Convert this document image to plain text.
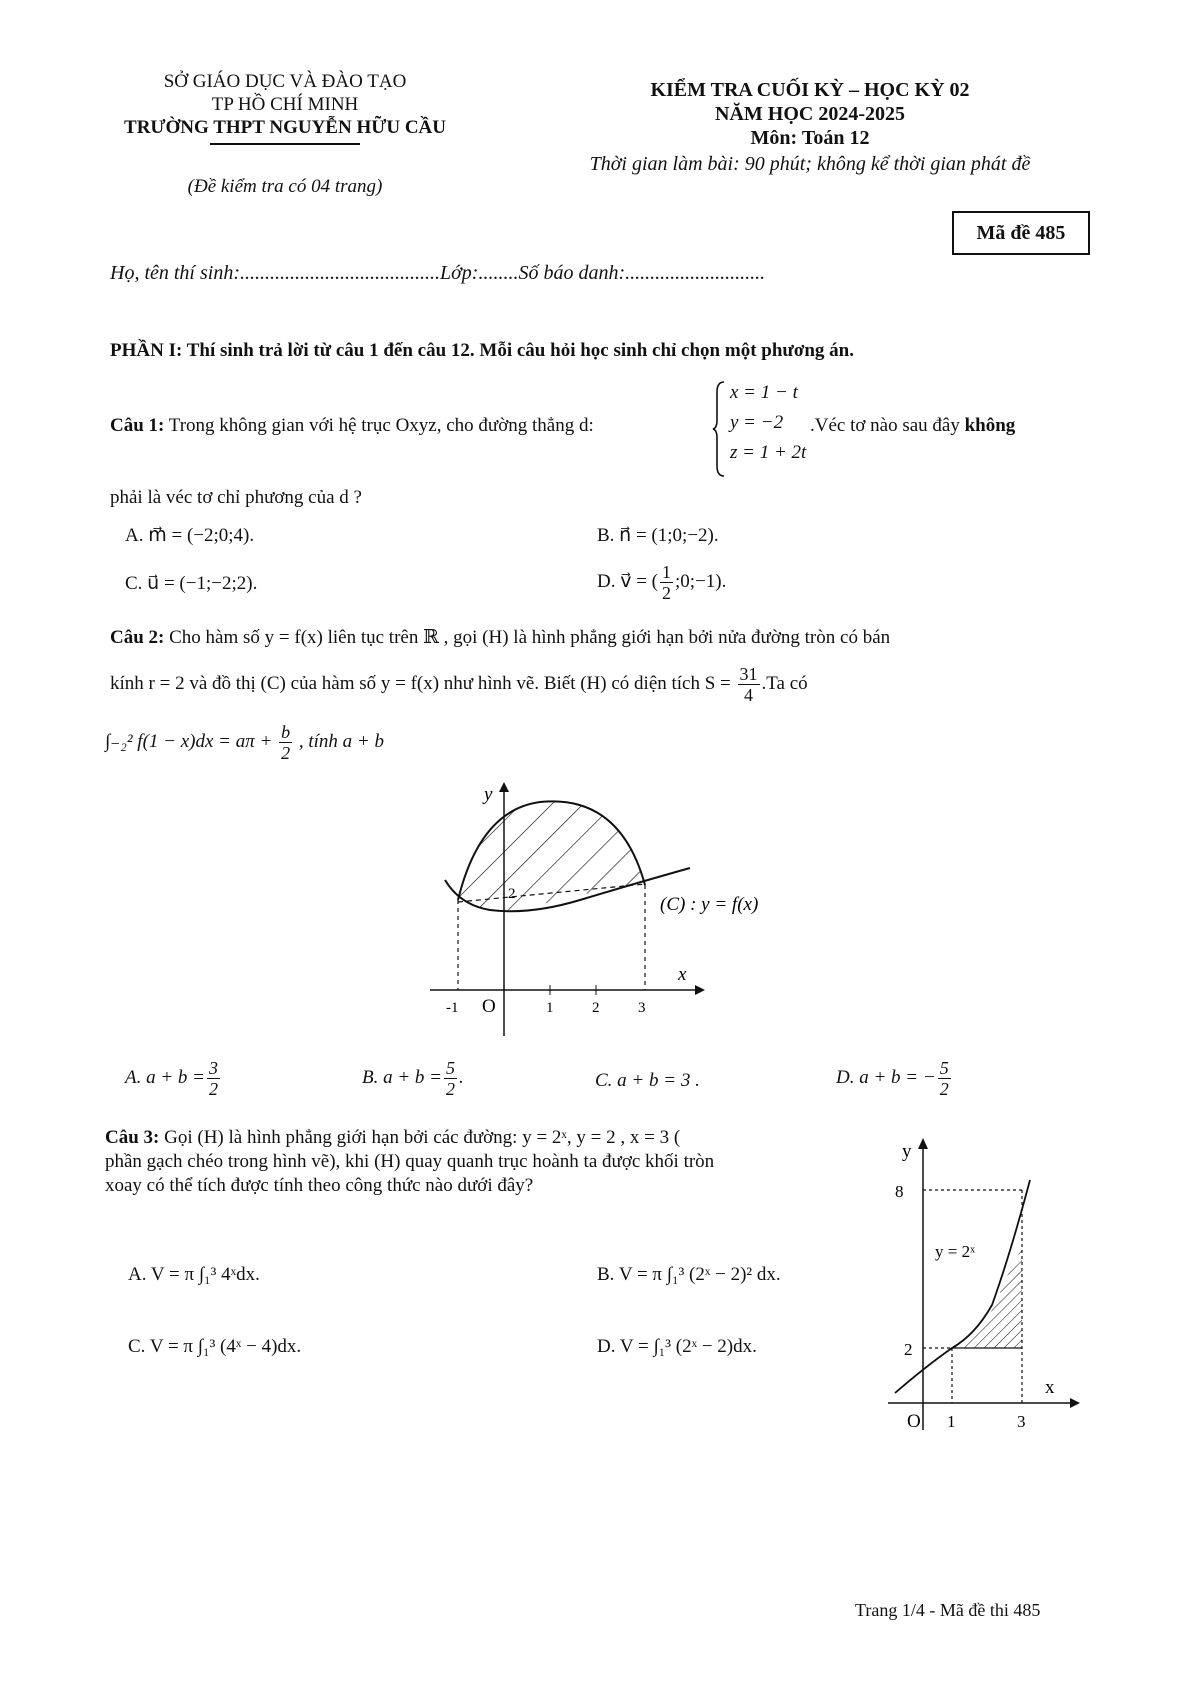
SỞ GIÁO DỤC VÀ ĐÀO TẠO
TP HỒ CHÍ MINH
TRƯỜNG THPT NGUYỄN HỮU CẦU
(Đề kiểm tra có 04 trang)
KIỂM TRA CUỐI KỲ – HỌC KỲ 02
NĂM HỌC 2024-2025
Môn: Toán 12
Thời gian làm bài: 90 phút; không kể thời gian phát đề
Mã đề 485
Họ, tên thí sinh:........................................Lớp:........Số báo danh:............................
PHẦN I: Thí sinh trả lời từ câu 1 đến câu 12. Mỗi câu hỏi học sinh chỉ chọn một phương án.
Câu 1: Trong không gian với hệ trục Oxyz, cho đường thẳng d:
x = 1 − t
y = −2
z = 1 + 2t
.Véc tơ nào sau đây không
phải là véc tơ chỉ phương của d ?
A. m⃗ = (−2;0;4).	B. n⃗ = (1;0;−2).
C. u⃗ = (−1;−2;2).	D. v⃗ = ( $\frac{1}{2}$ ;0;−1).
Câu 2: Cho hàm số y = f(x) liên tục trên ℝ , gọi (H) là hình phẳng giới hạn bởi nửa đường tròn có bán
kính r = 2 và đồ thị (C) của hàm số y = f(x) như hình vẽ. Biết (H) có diện tích $S = \frac{31}{4} .Ta$ có
∫₋₂² $f(1 - x)dx = a\pi + \frac{b}{2}$ , tính a + b
y
x
O
-1	1	2	3
2	(C) : y = f(x)
A. $a + b = \frac{3}{2}$	B. $a + b = \frac{5}{2}$ .	C. a + b = 3 .	D. a + b = − $\frac{5}{2}$
Câu 3: Gọi (H) là hình phẳng giới hạn bởi các đường: y = 2ˣ, y = 2 , x = 3 (
phần gạch chéo trong hình vẽ), khi (H) quay quanh trục hoành ta được khối tròn
xoay có thể tích được tính theo công thức nào dưới đây?
y
x
O 1	3
2
8
y = 2ˣ
A. V = π ∫₁³ 4ˣdx.	B. V = π ∫₁³ (2ˣ − 2)² dx.
C. V = π ∫₁³ (4ˣ − 4)dx.	D. V = ∫₁³ (2ˣ − 2)dx.
Trang 1/4 - Mã đề thi 485
